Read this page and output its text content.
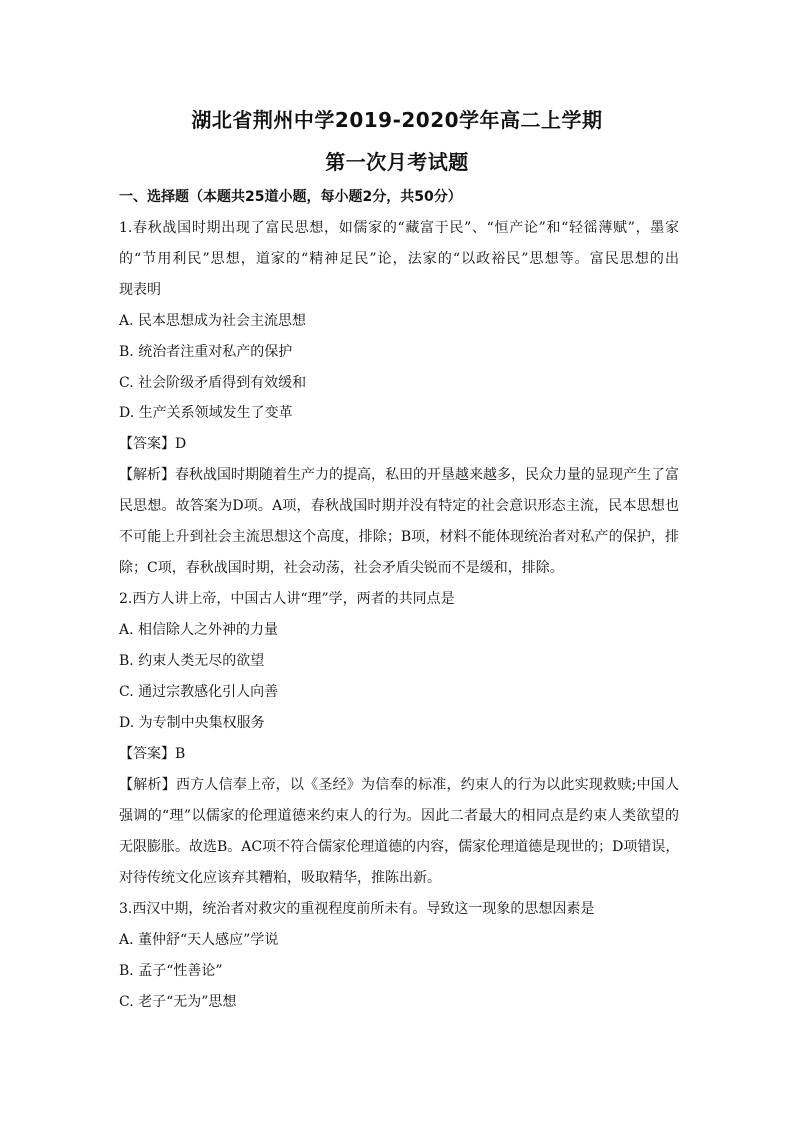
湖北省荆州中学2019-2020学年高二上学期
第一次月考试题
一、选择题（本题共25道小题，每小题2分，共50分）
1.春秋战国时期出现了富民思想，如儒家的“藏富于民”、“恒产论”和“轻徭薄赋”，墨家
的“节用利民”思想，道家的“精神足民”论，法家的“以政裕民”思想等。富民思想的出
现表明
A. 民本思想成为社会主流思想
B. 统治者注重对私产的保护
C. 社会阶级矛盾得到有效缓和
D. 生产关系领域发生了变革
【答案】D
【解析】春秋战国时期随着生产力的提高，私田的开垦越来越多，民众力量的显现产生了富
民思想。故答案为D项。A项，春秋战国时期并没有特定的社会意识形态主流，民本思想也
不可能上升到社会主流思想这个高度，排除；B项，材料不能体现统治者对私产的保护，排
除；C项，春秋战国时期，社会动荡，社会矛盾尖锐而不是缓和，排除。
2.西方人讲上帝，中国古人讲“理”学，两者的共同点是
A. 相信除人之外神的力量
B. 约束人类无尽的欲望
C. 通过宗教感化引人向善
D. 为专制中央集权服务
【答案】B
【解析】西方人信奉上帝，以《圣经》为信奉的标准，约束人的行为以此实现救赎;中国人
强调的“理”以儒家的伦理道德来约束人的行为。因此二者最大的相同点是约束人类欲望的
无限膨胀。故选B。AC项不符合儒家伦理道德的内容，儒家伦理道德是现世的；D项错误，
对待传统文化应该弃其糟粕，吸取精华，推陈出新。
3.西汉中期，统治者对救灾的重视程度前所未有。导致这一现象的思想因素是
A. 董仲舒“天人感应”学说
B. 孟子“性善论”
C. 老子“无为”思想
